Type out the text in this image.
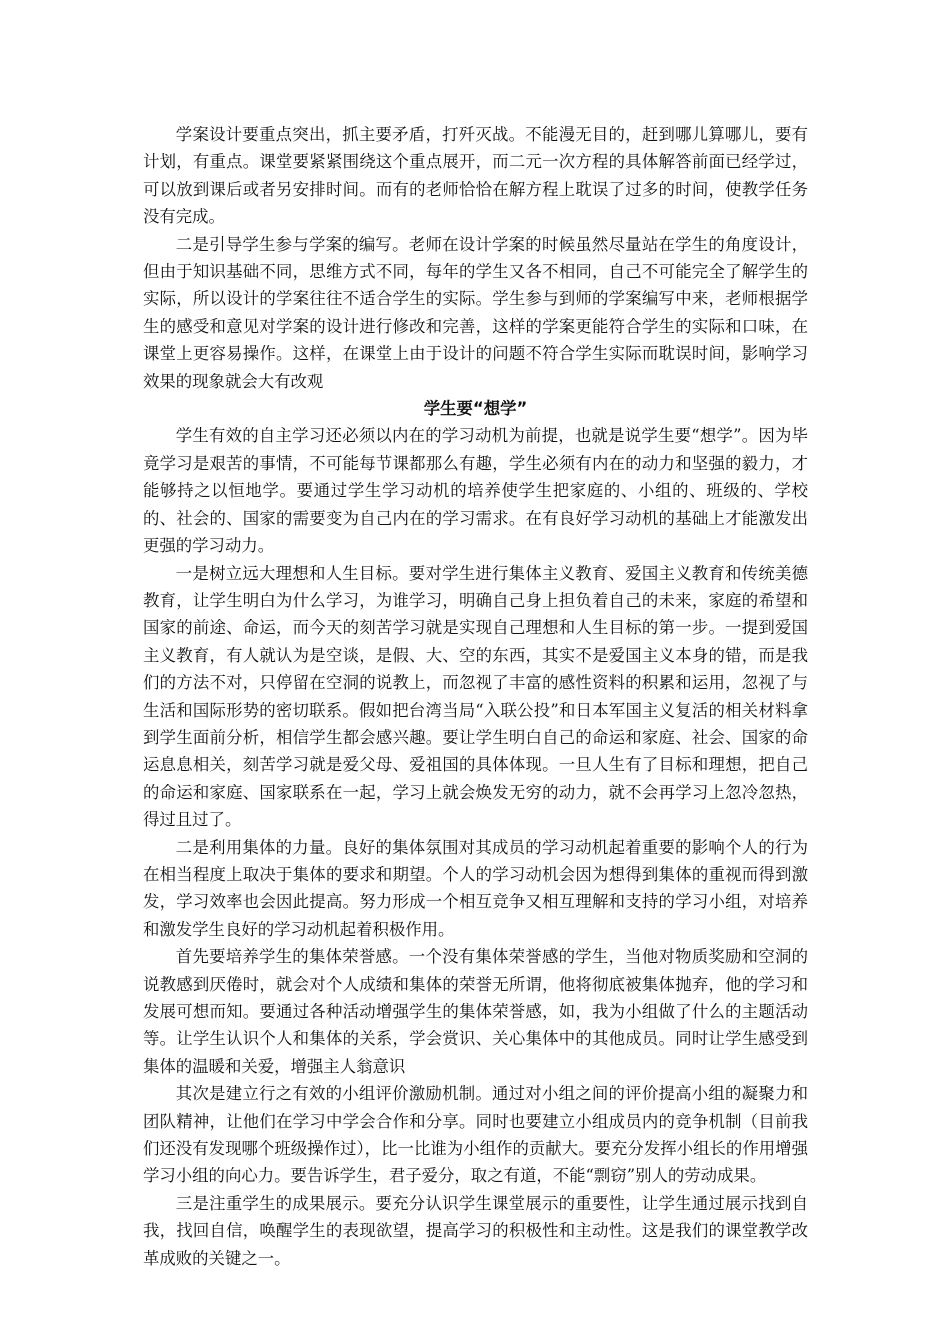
学案设计要重点突出，抓主要矛盾，打歼灭战。不能漫无目的，赶到哪儿算哪儿，要有计划，有重点。课堂要紧紧围绕这个重点展开，而二元一次方程的具体解答前面已经学过，可以放到课后或者另安排时间。而有的老师恰恰在解方程上耽误了过多的时间，使教学任务没有完成。

二是引导学生参与学案的编写。老师在设计学案的时候虽然尽量站在学生的角度设计，但由于知识基础不同，思维方式不同，每年的学生又各不相同，自己不可能完全了解学生的实际，所以设计的学案往往不适合学生的实际。学生参与到师的学案编写中来，老师根据学生的感受和意见对学案的设计进行修改和完善，这样的学案更能符合学生的实际和口味，在课堂上更容易操作。这样，在课堂上由于设计的问题不符合学生实际而耽误时间，影响学习效果的现象就会大有改观

学生要“想学”

学生有效的自主学习还必须以内在的学习动机为前提，也就是说学生要“想学”。因为毕竟学习是艰苦的事情，不可能每节课都那么有趣，学生必须有内在的动力和坚强的毅力，才能够持之以恒地学。要通过学生学习动机的培养使学生把家庭的、小组的、班级的、学校的、社会的、国家的需要变为自己内在的学习需求。在有良好学习动机的基础上才能激发出更强的学习动力。

一是树立远大理想和人生目标。要对学生进行集体主义教育、爱国主义教育和传统美德教育，让学生明白为什么学习，为谁学习，明确自己身上担负着自己的未来，家庭的希望和国家的前途、命运，而今天的刻苦学习就是实现自己理想和人生目标的第一步。一提到爱国主义教育，有人就认为是空谈，是假、大、空的东西，其实不是爱国主义本身的错，而是我们的方法不对，只停留在空洞的说教上，而忽视了丰富的感性资料的积累和运用，忽视了与生活和国际形势的密切联系。假如把台湾当局“入联公投”和日本军国主义复活的相关材料拿到学生面前分析，相信学生都会感兴趣。要让学生明白自己的命运和家庭、社会、国家的命运息息相关，刻苦学习就是爱父母、爱祖国的具体体现。一旦人生有了目标和理想，把自己的命运和家庭、国家联系在一起，学习上就会焕发无穷的动力，就不会再学习上忽冷忽热，得过且过了。

二是利用集体的力量。良好的集体氛围对其成员的学习动机起着重要的影响个人的行为在相当程度上取决于集体的要求和期望。个人的学习动机会因为想得到集体的重视而得到激发，学习效率也会因此提高。努力形成一个相互竞争又相互理解和支持的学习小组，对培养和激发学生良好的学习动机起着积极作用。

首先要培养学生的集体荣誉感。一个没有集体荣誉感的学生，当他对物质奖励和空洞的说教感到厌倦时，就会对个人成绩和集体的荣誉无所谓，他将彻底被集体抛弃，他的学习和发展可想而知。要通过各种活动增强学生的集体荣誉感，如，我为小组做了什么的主题活动等。让学生认识个人和集体的关系，学会赏识、关心集体中的其他成员。同时让学生感受到集体的温暖和关爱，增强主人翁意识

其次是建立行之有效的小组评价激励机制。通过对小组之间的评价提高小组的凝聚力和团队精神，让他们在学习中学会合作和分享。同时也要建立小组成员内的竞争机制（目前我们还没有发现哪个班级操作过），比一比谁为小组作的贡献大。要充分发挥小组长的作用增强学习小组的向心力。要告诉学生，君子爱分，取之有道，不能“剽窃”别人的劳动成果。

三是注重学生的成果展示。要充分认识学生课堂展示的重要性，让学生通过展示找到自我，找回自信，唤醒学生的表现欲望，提高学习的积极性和主动性。这是我们的课堂教学改革成败的关键之一。
